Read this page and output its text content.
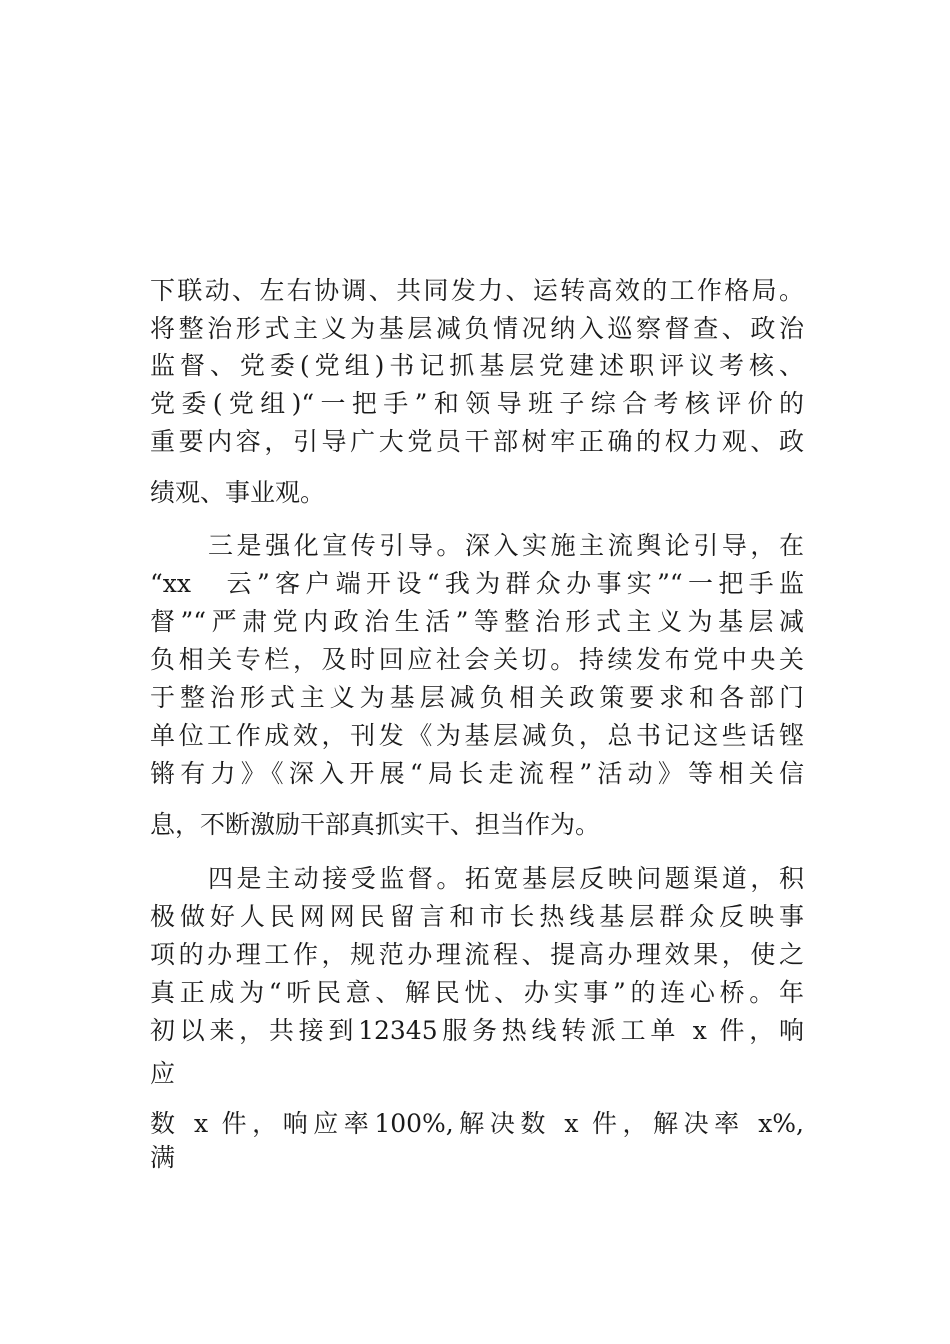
下联动、左右协调、共同发力、运转高效的工作格局。
将整治形式主义为基层减负情况纳入巡察督查、政治
监督、党委(党组)书记抓基层党建述职评议考核、
党委(党组)“一把手”和领导班子综合考核评价的
重要内容，引导广大党员干部树牢正确的权力观、政
绩观、事业观。
三是强化宣传引导。深入实施主流舆论引导，在
“xx　云”客户端开设“我为群众办事实”“一把手监
督”“严肃党内政治生活”等整治形式主义为基层减
负相关专栏，及时回应社会关切。持续发布党中央关
于整治形式主义为基层减负相关政策要求和各部门
单位工作成效，刊发《为基层减负，总书记这些话铿
锵有力》《深入开展“局长走流程”活动》等相关信
息，不断激励干部真抓实干、担当作为。
四是主动接受监督。拓宽基层反映问题渠道，积
极做好人民网网民留言和市长热线基层群众反映事
项的办理工作，规范办理流程、提高办理效果，使之
真正成为“听民意、解民忧、办实事”的连心桥。年
初以来，共接到12345服务热线转派工单 x 件，响
应
数 x 件，响应率100%,解决数 x 件，解决率 x%,
满
